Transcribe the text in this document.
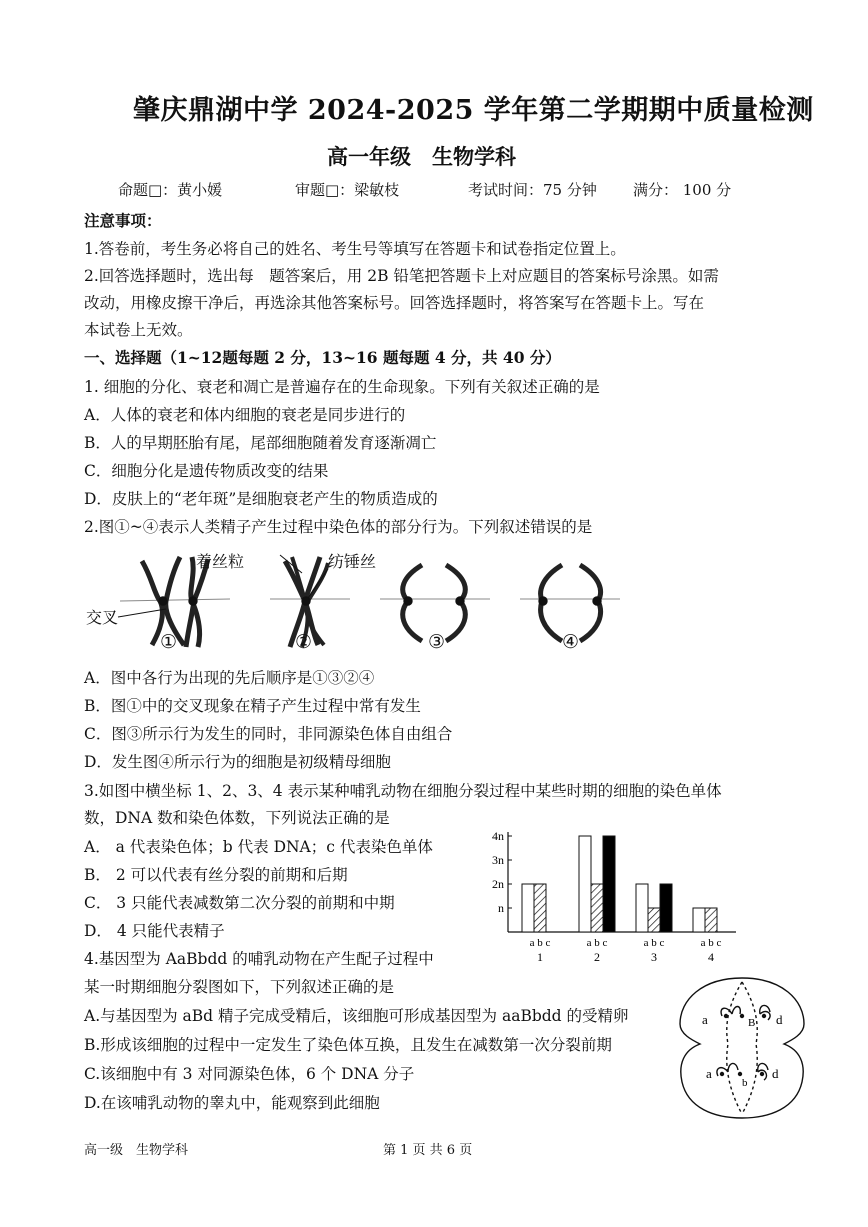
肇庆鼎湖中学 2024-2025 学年第二学期期中质量检测
高一年级　生物学科
命题□：黄小媛	审题□：梁敏枝	考试时间：75 分钟 满分： 100 分
注意事项：
1.答卷前，考生务必将自己的姓名、考生号等填写在答题卡和试卷指定位置上。
2.回答选择题时，选出每　题答案后，用 2B 铅笔把答题卡上对应题目的答案标号涂黑。如需
改动，用橡皮擦干净后，再选涂其他答案标号。回答选择题时，将答案写在答题卡上。写在
本试卷上无效。
一、选择题（1~12题每题 2 分，13~16 题每题 4 分，共 40 分）
1. 细胞的分化、衰老和凋亡是普遍存在的生命现象。下列有关叙述正确的是
A．人体的衰老和体内细胞的衰老是同步进行的
B．人的早期胚胎有尾，尾部细胞随着发育逐渐凋亡
C．细胞分化是遗传物质改变的结果
D．皮肤上的“老年斑”是细胞衰老产生的物质造成的
2.图①~④表示人类精子产生过程中染色体的部分行为。下列叙述错误的是
着丝粒	纺锤丝
交叉
①	②	③	④
A．图中各行为出现的先后顺序是①③②④
B．图①中的交叉现象在精子产生过程中常有发生
C．图③所示行为发生的同时，非同源染色体自由组合
D．发生图④所示行为的细胞是初级精母细胞
3.如图中横坐标 1、2、3、4 表示某种哺乳动物在细胞分裂过程中某些时期的细胞的染色单体
数，DNA 数和染色体数，下列说法正确的是
A． a 代表染色体；b 代表 DNA；c 代表染色单体
B． 2 可以代表有丝分裂的前期和后期
C． 3 只能代表减数第二次分裂的前期和中期
D． 4 只能代表精子
n
2n
3n
4n
a b c
1
a b c
2
a b c
3
a b c
4
4.基因型为 AaBbdd 的哺乳动物在产生配子过程中
某一时期细胞分裂图如下，下列叙述正确的是
A.与基因型为 aBd 精子完成受精后，该细胞可形成基因型为 aaBbdd 的受精卵
B.形成该细胞的过程中一定发生了染色体互换，且发生在减数第一次分裂前期
C.该细胞中有 3 对同源染色体，6 个 DNA 分子
D.在该哺乳动物的睾丸中，能观察到此细胞
a	B d
a
b
d
高一级　生物学科	第 1 页 共 6 页
